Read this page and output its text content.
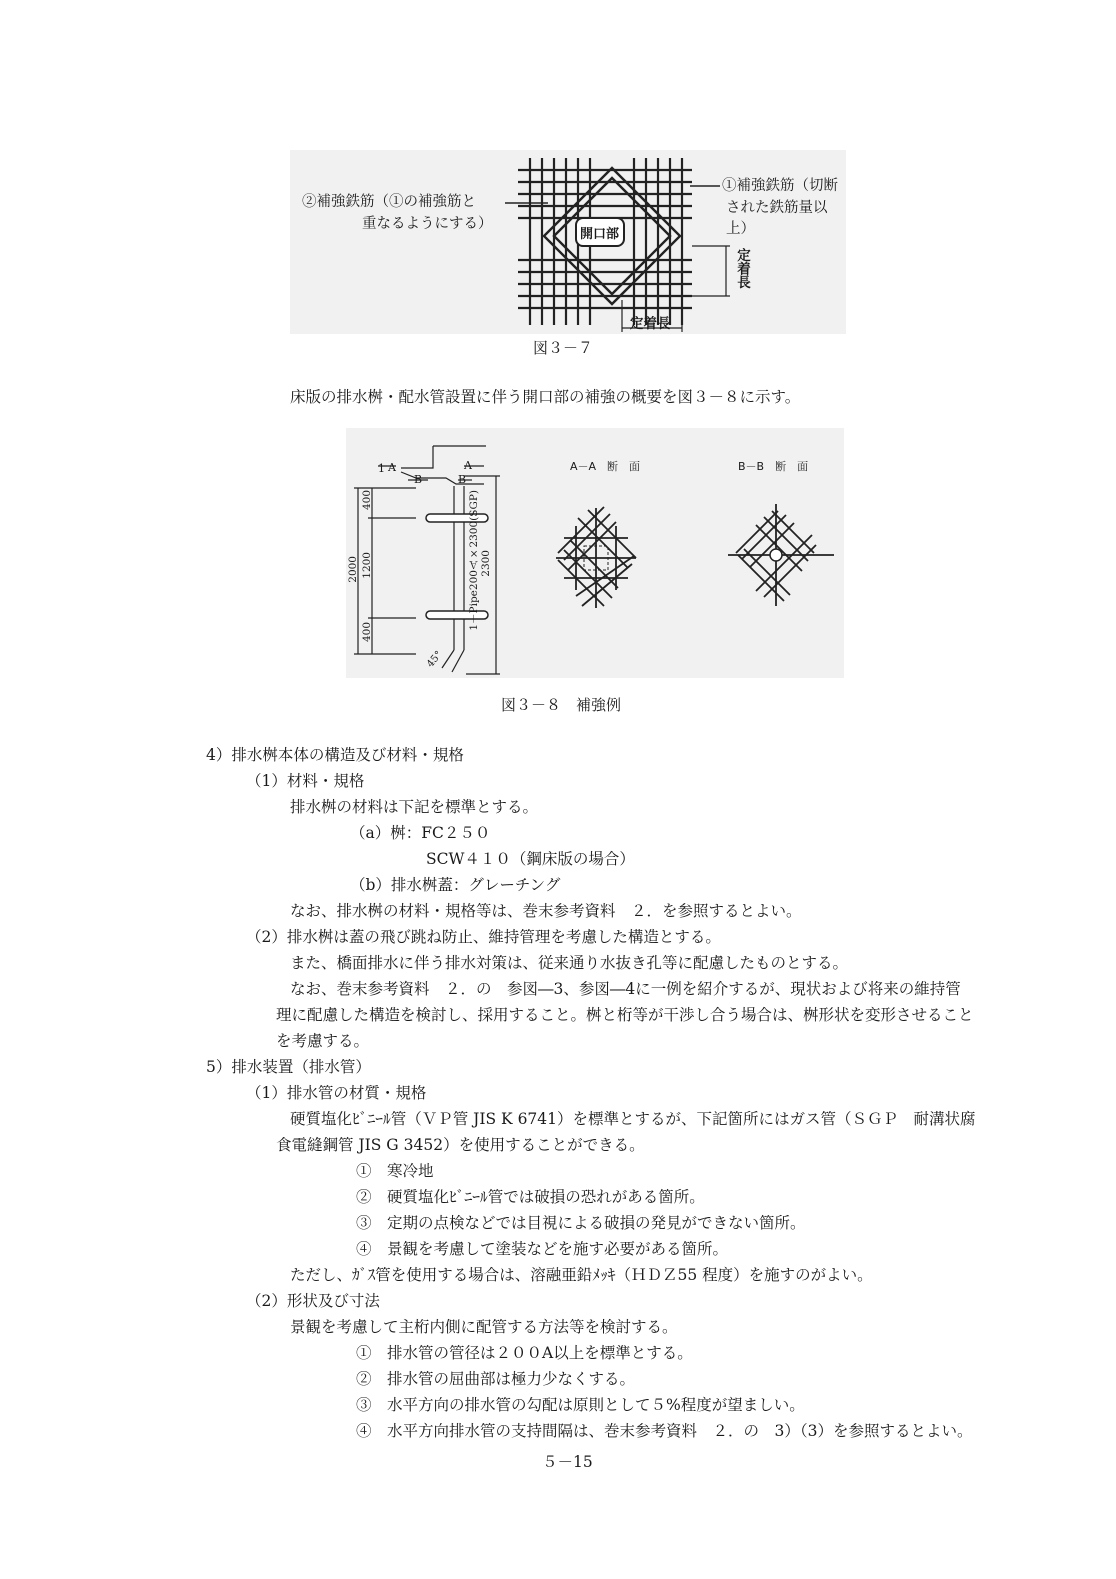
開口部
②補強鉄筋（①の補強筋と
重なるようにする）
①補強鉄筋（切断
された鉄筋量以上）
定着長
定着長
図３－７
床版の排水桝・配水管設置に伴う開口部の補強の概要を図３－８に示す。
A－A　断　面	B－B　断　面
1 A	A
B	B
400
1200
400
2000	2300
1－Pipe200Ａ×2300(SGP)
45°
図３－８　補強例
4）排水桝本体の構造及び材料・規格
（1）材料・規格
排水桝の材料は下記を標準とする。
（a）桝：FC２５０
SCW４１０（鋼床版の場合）
（b）排水桝蓋：グレーチング
なお、排水桝の材料・規格等は、巻末参考資料　２．を参照するとよい。
（2）排水桝は蓋の飛び跳ね防止、維持管理を考慮した構造とする。
また、橋面排水に伴う排水対策は、従来通り水抜き孔等に配慮したものとする。
なお、巻末参考資料　２．の　参図―3、参図―4に一例を紹介するが、現状および将来の維持管
理に配慮した構造を検討し、採用すること。桝と桁等が干渉し合う場合は、桝形状を変形させること
を考慮する。
5）排水装置（排水管）
（1）排水管の材質・規格
硬質塩化ﾋﾞﾆｰﾙ管（ＶＰ管 JIS K 6741）を標準とするが、下記箇所にはガス管（ＳＧＰ　耐溝状腐
食電縫鋼管 JIS G 3452）を使用することができる。
①　寒冷地
②　硬質塩化ﾋﾞﾆｰﾙ管では破損の恐れがある箇所。
③　定期の点検などでは目視による破損の発見ができない箇所。
④　景観を考慮して塗装などを施す必要がある箇所。
ただし、ｶﾞｽ管を使用する場合は、溶融亜鉛ﾒｯｷ（ＨＤＺ55 程度）を施すのがよい。
（2）形状及び寸法
景観を考慮して主桁内側に配管する方法等を検討する。
①　排水管の管径は２００A以上を標準とする。
②　排水管の屈曲部は極力少なくする。
③　水平方向の排水管の勾配は原則として５%程度が望ましい。
④　水平方向排水管の支持間隔は、巻末参考資料　２．の　3）（3）を参照するとよい。
５－15
